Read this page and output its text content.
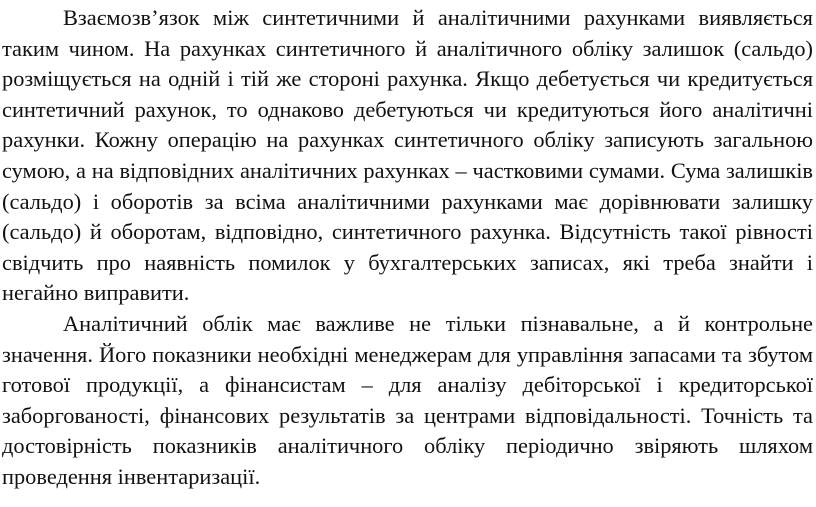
Взаємозв’язок між синтетичними й аналітичними рахунками виявляється таким чином. На рахунках синтетичного й аналітичного обліку залишок (сальдо) розміщується на одній і тій же стороні рахунка. Якщо дебетується чи кредитується синтетичний рахунок, то однаково дебетуються чи кредитуються його аналітичні рахунки. Кожну операцію на рахунках синтетичного обліку записують загальною сумою, а на відповідних аналітичних рахунках – частковими сумами. Сума залишків (сальдо) і оборотів за всіма аналітичними рахунками має дорівнювати залишку (сальдо) й оборотам, відповідно, синтетичного рахунка. Відсутність такої рівності свідчить про наявність помилок у бухгалтерських записах, які треба знайти і негайно виправити.

Аналітичний облік має важливе не тільки пізнавальне, а й контрольне значення. Його показники необхідні менеджерам для управління запасами та збутом готової продукції, а фінансистам – для аналізу дебіторської і кредиторської заборгованості, фінансових результатів за центрами відповідальності. Точність та достовірність показників аналітичного обліку періодично звіряють шляхом проведення інвентаризації.
